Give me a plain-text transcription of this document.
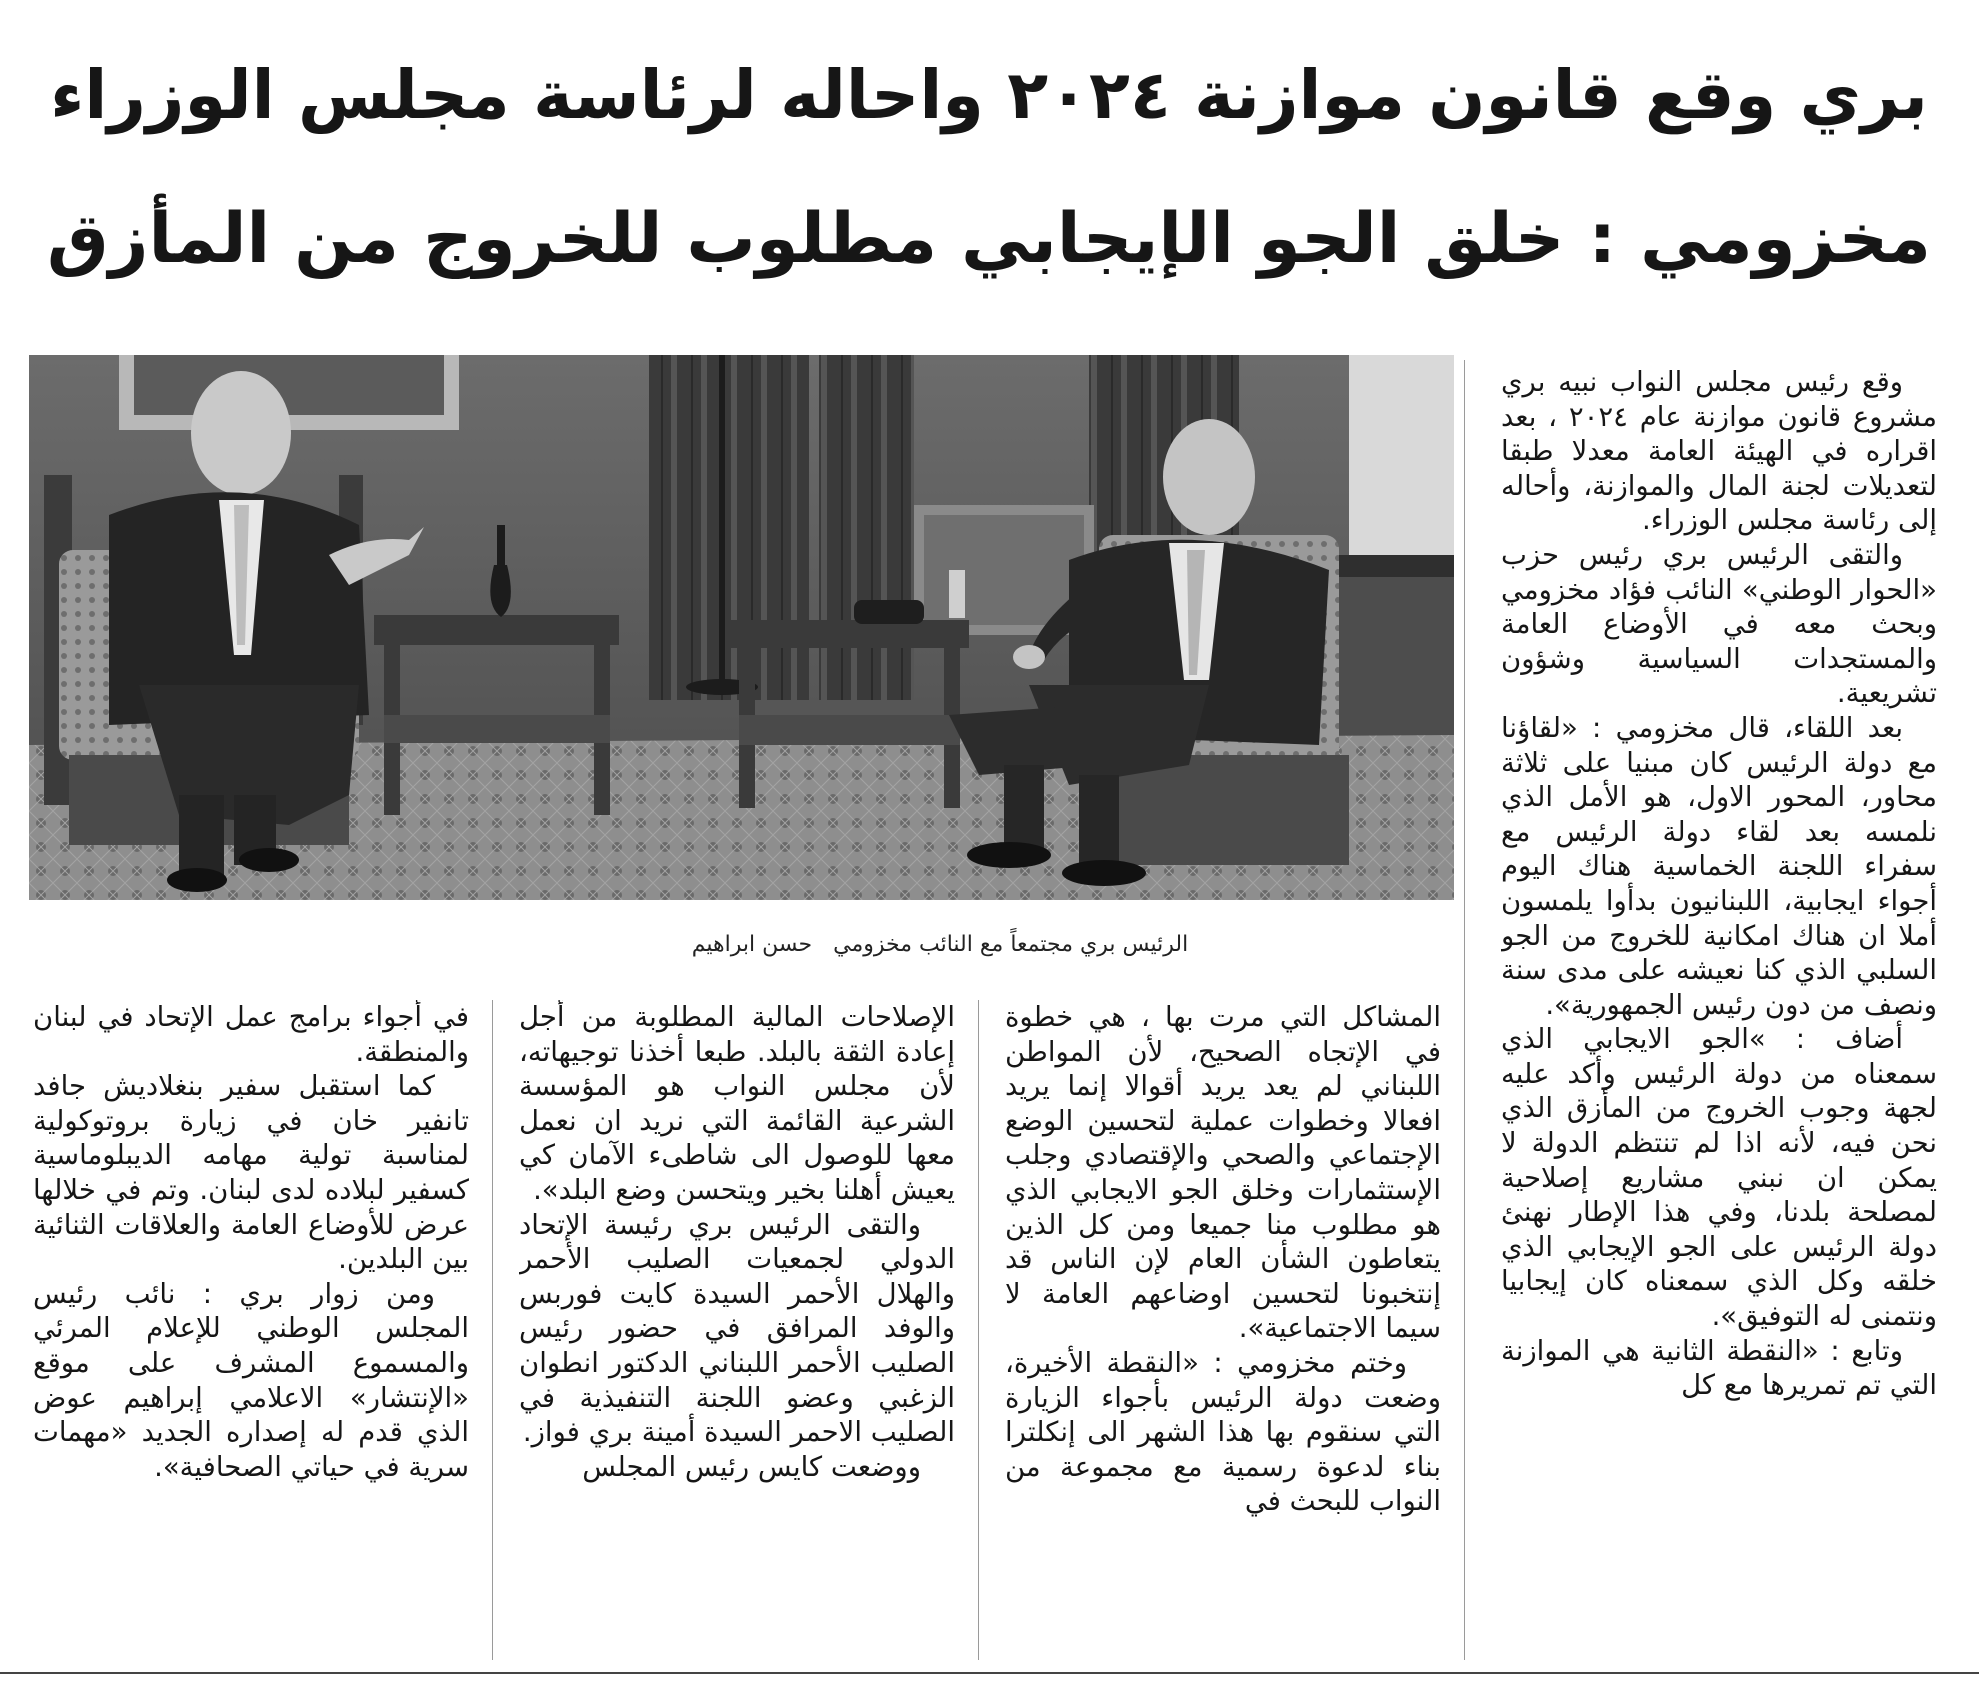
بري وقع قانون موازنة ٢٠٢٤ واحاله لرئاسة مجلس الوزراء
مخزومي : خلق الجو الإيجابي مطلوب للخروج من المأزق
الرئيس بري مجتمعاً مع النائب مخزومي حسن ابراهيم

وقع رئيس مجلس النواب نبيه بري مشروع قانون موازنة عام ٢٠٢٤ ، بعد اقراره في الهيئة العامة معدلا طبقا لتعديلات لجنة المال والموازنة، وأحاله إلى رئاسة مجلس الوزراء.

والتقى الرئيس بري رئيس حزب «الحوار الوطني» النائب فؤاد مخزومي وبحث معه في الأوضاع العامة والمستجدات السياسية وشؤون تشريعية.

بعد اللقاء، قال مخزومي : «لقاؤنا مع دولة الرئيس كان مبنيا على ثلاثة محاور، المحور الاول، هو الأمل الذي نلمسه بعد لقاء دولة الرئيس مع سفراء اللجنة الخماسية هناك اليوم أجواء ايجابية، اللبنانيون بدأوا يلمسون أملا ان هناك امكانية للخروج من الجو السلبي الذي كنا نعيشه على مدى سنة ونصف من دون رئيس الجمهورية».

أضاف : »الجو الايجابي الذي سمعناه من دولة الرئيس وأكد عليه لجهة وجوب الخروج من المأزق الذي نحن فيه، لأنه اذا لم تنتظم الدولة لا يمكن ان نبني مشاريع إصلاحية لمصلحة بلدنا، وفي هذا الإطار نهنئ دولة الرئيس على الجو الإيجابي الذي خلقه وكل الذي سمعناه كان إيجابيا ونتمنى له التوفيق».

وتابع : «النقطة الثانية هي الموازنة التي تم تمريرها مع كل

المشاكل التي مرت بها ، هي خطوة في الإتجاه الصحيح، لأن المواطن اللبناني لم يعد يريد أقوالا إنما يريد افعالا وخطوات عملية لتحسين الوضع الإجتماعي والصحي والإقتصادي وجلب الإستثمارات وخلق الجو الايجابي الذي هو مطلوب منا جميعا ومن كل الذين يتعاطون الشأن العام لإن الناس قد إنتخبونا لتحسين اوضاعهم العامة لا سيما الاجتماعية».

وختم مخزومي : «النقطة الأخيرة، وضعت دولة الرئيس بأجواء الزيارة التي سنقوم بها هذا الشهر الى إنكلترا بناء لدعوة رسمية مع مجموعة من النواب للبحث في

الإصلاحات المالية المطلوبة من أجل إعادة الثقة بالبلد. طبعا أخذنا توجيهاته، لأن مجلس النواب هو المؤسسة الشرعية القائمة التي نريد ان نعمل معها للوصول الى شاطىء الآمان كي يعيش أهلنا بخير ويتحسن وضع البلد».

والتقى الرئيس بري رئيسة الإتحاد الدولي لجمعيات الصليب الأحمر والهلال الأحمر السيدة كايت فوربس والوفد المرافق في حضور رئيس الصليب الأحمر اللبناني الدكتور انطوان الزغبي وعضو اللجنة التنفيذية في الصليب الاحمر السيدة أمينة بري فواز.

ووضعت كايس رئيس المجلس

في أجواء برامج عمل الإتحاد في لبنان والمنطقة.

كما استقبل سفير بنغلاديش جافد تانفير خان في زيارة بروتوكولية لمناسبة تولية مهامه الديبلوماسية كسفير لبلاده لدى لبنان. وتم في خلالها عرض للأوضاع العامة والعلاقات الثنائية بين البلدين.

ومن زوار بري : نائب رئيس المجلس الوطني للإعلام المرئي والمسموع المشرف على موقع «الإنتشار» الاعلامي إبراهيم عوض الذي قدم له إصداره الجديد «مهمات سرية في حياتي الصحافية».
